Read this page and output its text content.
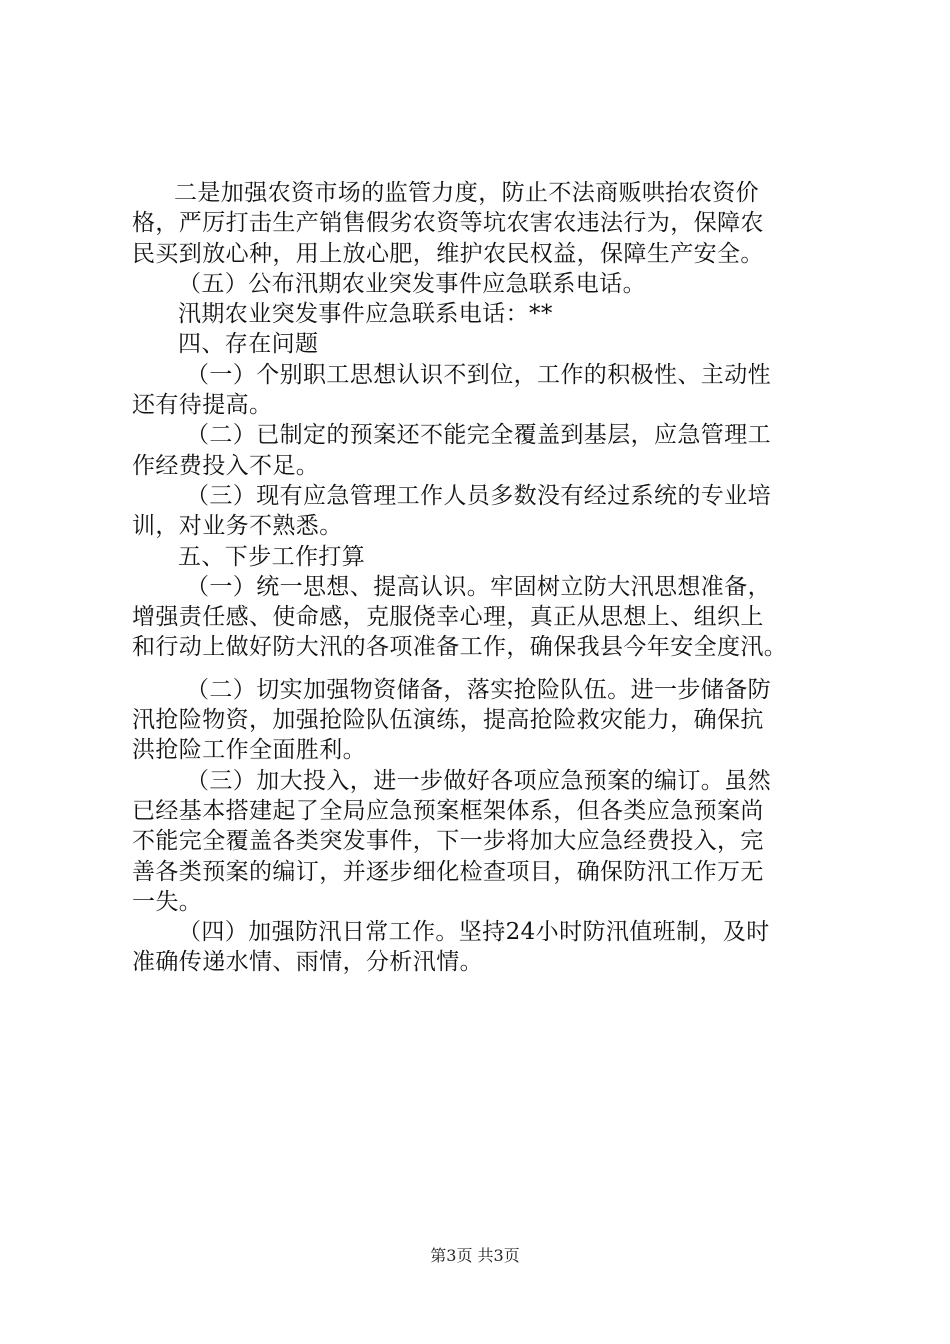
二是加强农资市场的监管力度，防止不法商贩哄抬农资价
格，严厉打击生产销售假劣农资等坑农害农违法行为，保障农
民买到放心种，用上放心肥，维护农民权益，保障生产安全。
（五）公布汛期农业突发事件应急联系电话。
汛期农业突发事件应急联系电话：**
四、存在问题
（一）个别职工思想认识不到位，工作的积极性、主动性
还有待提高。
（二）已制定的预案还不能完全覆盖到基层，应急管理工
作经费投入不足。
（三）现有应急管理工作人员多数没有经过系统的专业培
训，对业务不熟悉。
五、下步工作打算
（一）统一思想、提高认识。牢固树立防大汛思想准备，
增强责任感、使命感，克服侥幸心理，真正从思想上、组织上
和行动上做好防大汛的各项准备工作，确保我县今年安全度汛。
（二）切实加强物资储备，落实抢险队伍。进一步储备防
汛抢险物资，加强抢险队伍演练，提高抢险救灾能力，确保抗
洪抢险工作全面胜利。
（三）加大投入，进一步做好各项应急预案的编订。虽然
已经基本搭建起了全局应急预案框架体系，但各类应急预案尚
不能完全覆盖各类突发事件，下一步将加大应急经费投入，完
善各类预案的编订，并逐步细化检查项目，确保防汛工作万无
一失。
（四）加强防汛日常工作。坚持24小时防汛值班制，及时
准确传递水情、雨情，分析汛情。
第3页 共3页
